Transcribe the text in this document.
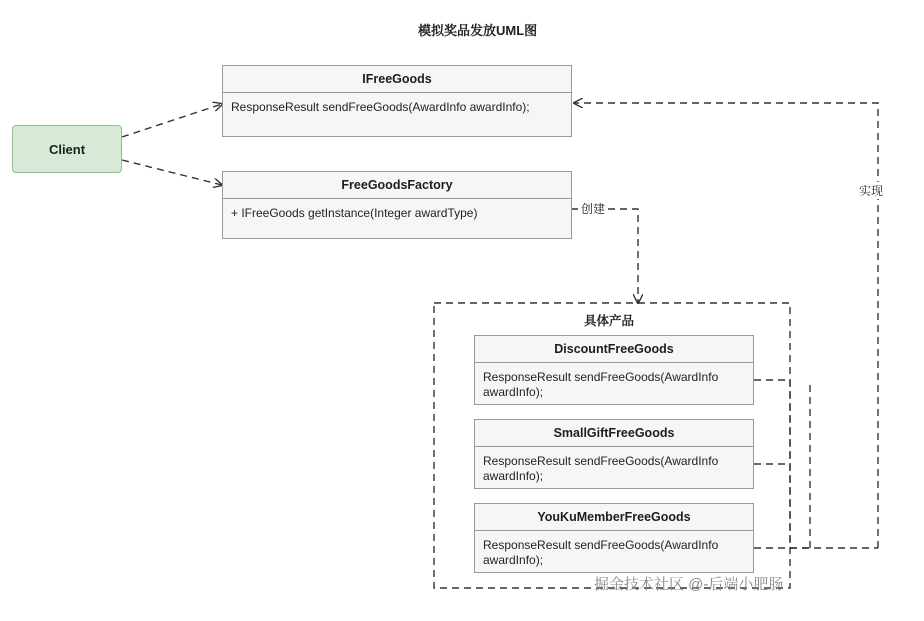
模拟奖品发放UML图
Client
IFreeGoods
ResponseResult sendFreeGoods(AwardInfo awardInfo);
FreeGoodsFactory
+ IFreeGoods getInstance(Integer awardType)	创建
实现
具体产品
DiscountFreeGoods
ResponseResult sendFreeGoods(AwardInfo awardInfo);
SmallGiftFreeGoods
ResponseResult sendFreeGoods(AwardInfo awardInfo);
YouKuMemberFreeGoods
ResponseResult sendFreeGoods(AwardInfo awardInfo);
掘金技术社区 @-后端小肥肠
